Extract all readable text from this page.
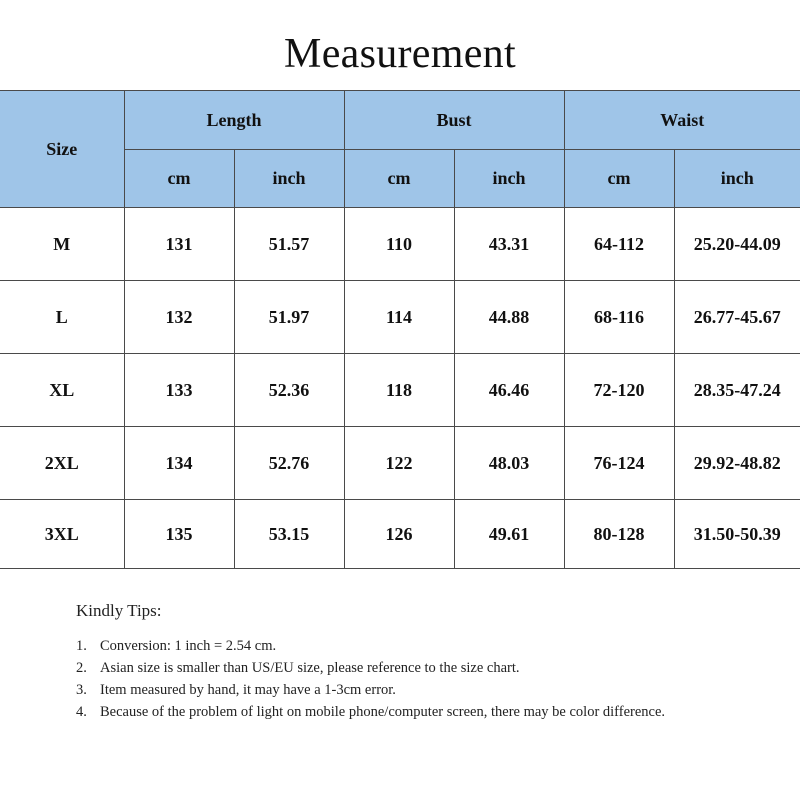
Measurement
Size	Length		Bust		Waist	
	cm	inch	cm	inch	cm	inch
M	131	51.57	110	43.31	64-112	25.20-44.09
L	132	51.97	114	44.88	68-116	26.77-45.67
XL	133	52.36	118	46.46	72-120	28.35-47.24
2XL	134	52.76	122	48.03	76-124	29.92-48.82
3XL	135	53.15	126	49.61	80-128	31.50-50.39
Kindly Tips:
1. Conversion: 1 inch = 2.54 cm.
2. Asian size is smaller than US/EU size, please reference to the size chart.
3. Item measured by hand, it may have a 1-3cm error.
4. Because of the problem of light on mobile phone/computer screen, there may be color difference.
